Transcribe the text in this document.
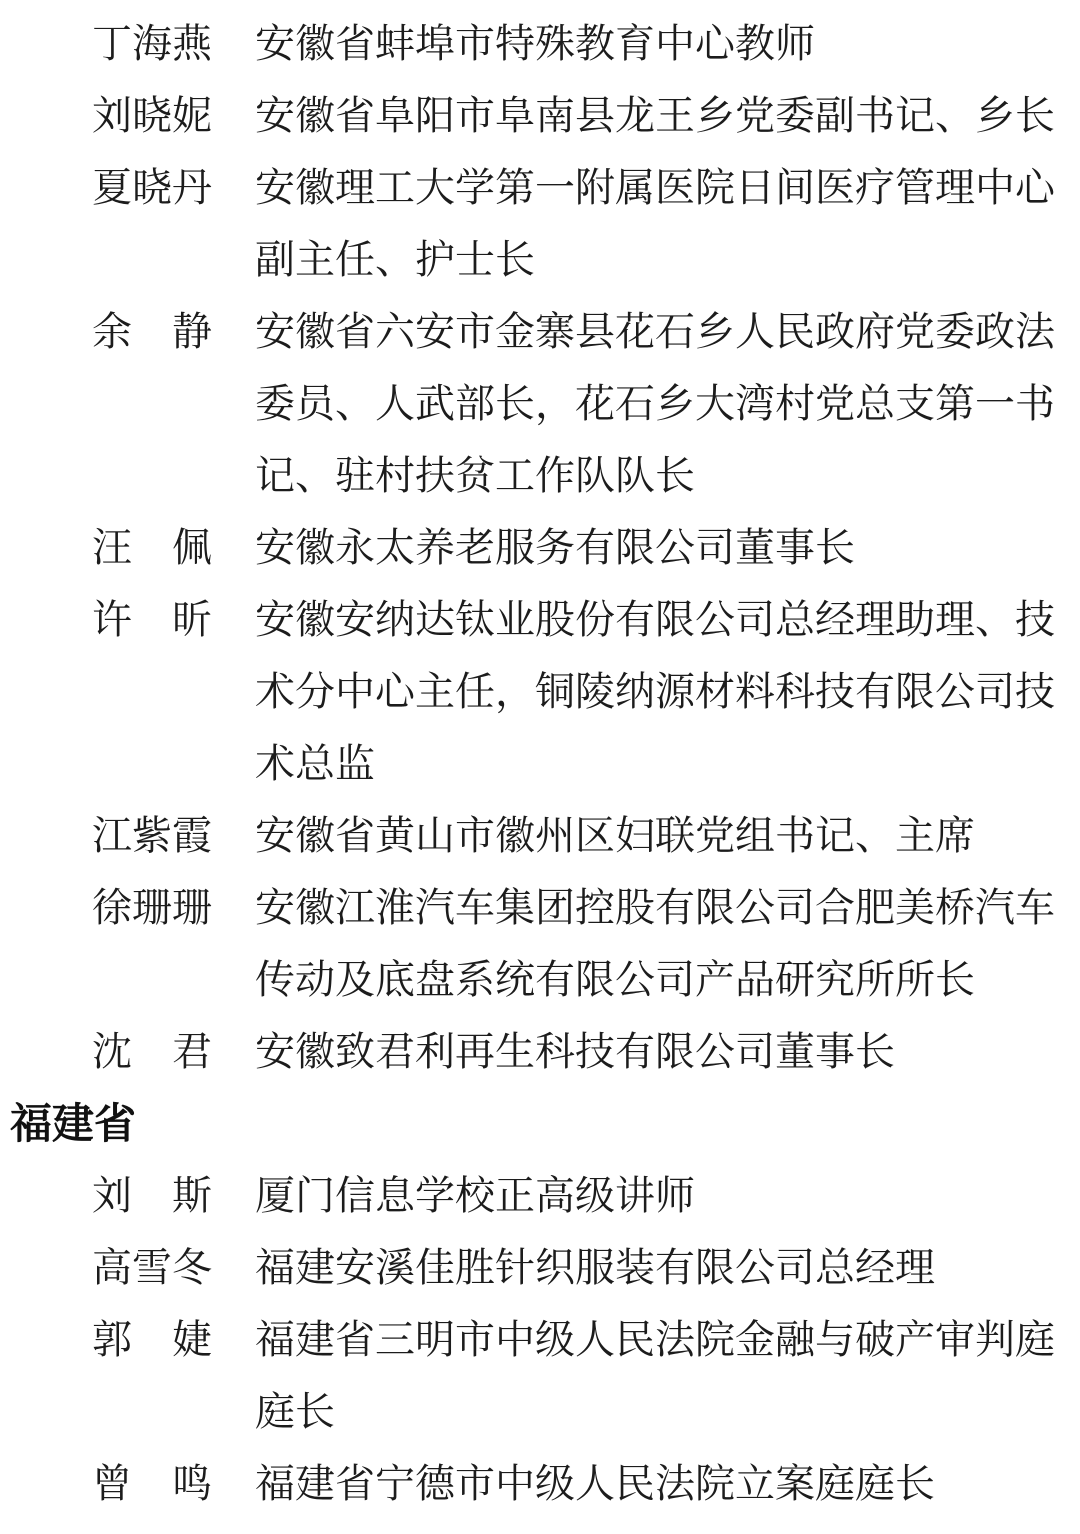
丁海燕 安徽省蚌埠市特殊教育中心教师
刘晓妮 安徽省阜阳市阜南县龙王乡党委副书记、乡长
夏晓丹 安徽理工大学第一附属医院日间医疗管理中心副主任、护士长
余　静 安徽省六安市金寨县花石乡人民政府党委政法委员、人武部长，花石乡大湾村党总支第一书记、驻村扶贫工作队队长
汪　佩 安徽永太养老服务有限公司董事长
许　昕 安徽安纳达钛业股份有限公司总经理助理、技术分中心主任，铜陵纳源材料科技有限公司技术总监
江紫霞 安徽省黄山市徽州区妇联党组书记、主席
徐珊珊 安徽江淮汽车集团控股有限公司合肥美桥汽车传动及底盘系统有限公司产品研究所所长
沈　君 安徽致君利再生科技有限公司董事长
福建省
刘　斯 厦门信息学校正高级讲师
高雪冬 福建安溪佳胜针织服装有限公司总经理
郭　婕 福建省三明市中级人民法院金融与破产审判庭庭长
曾　鸣 福建省宁德市中级人民法院立案庭庭长
